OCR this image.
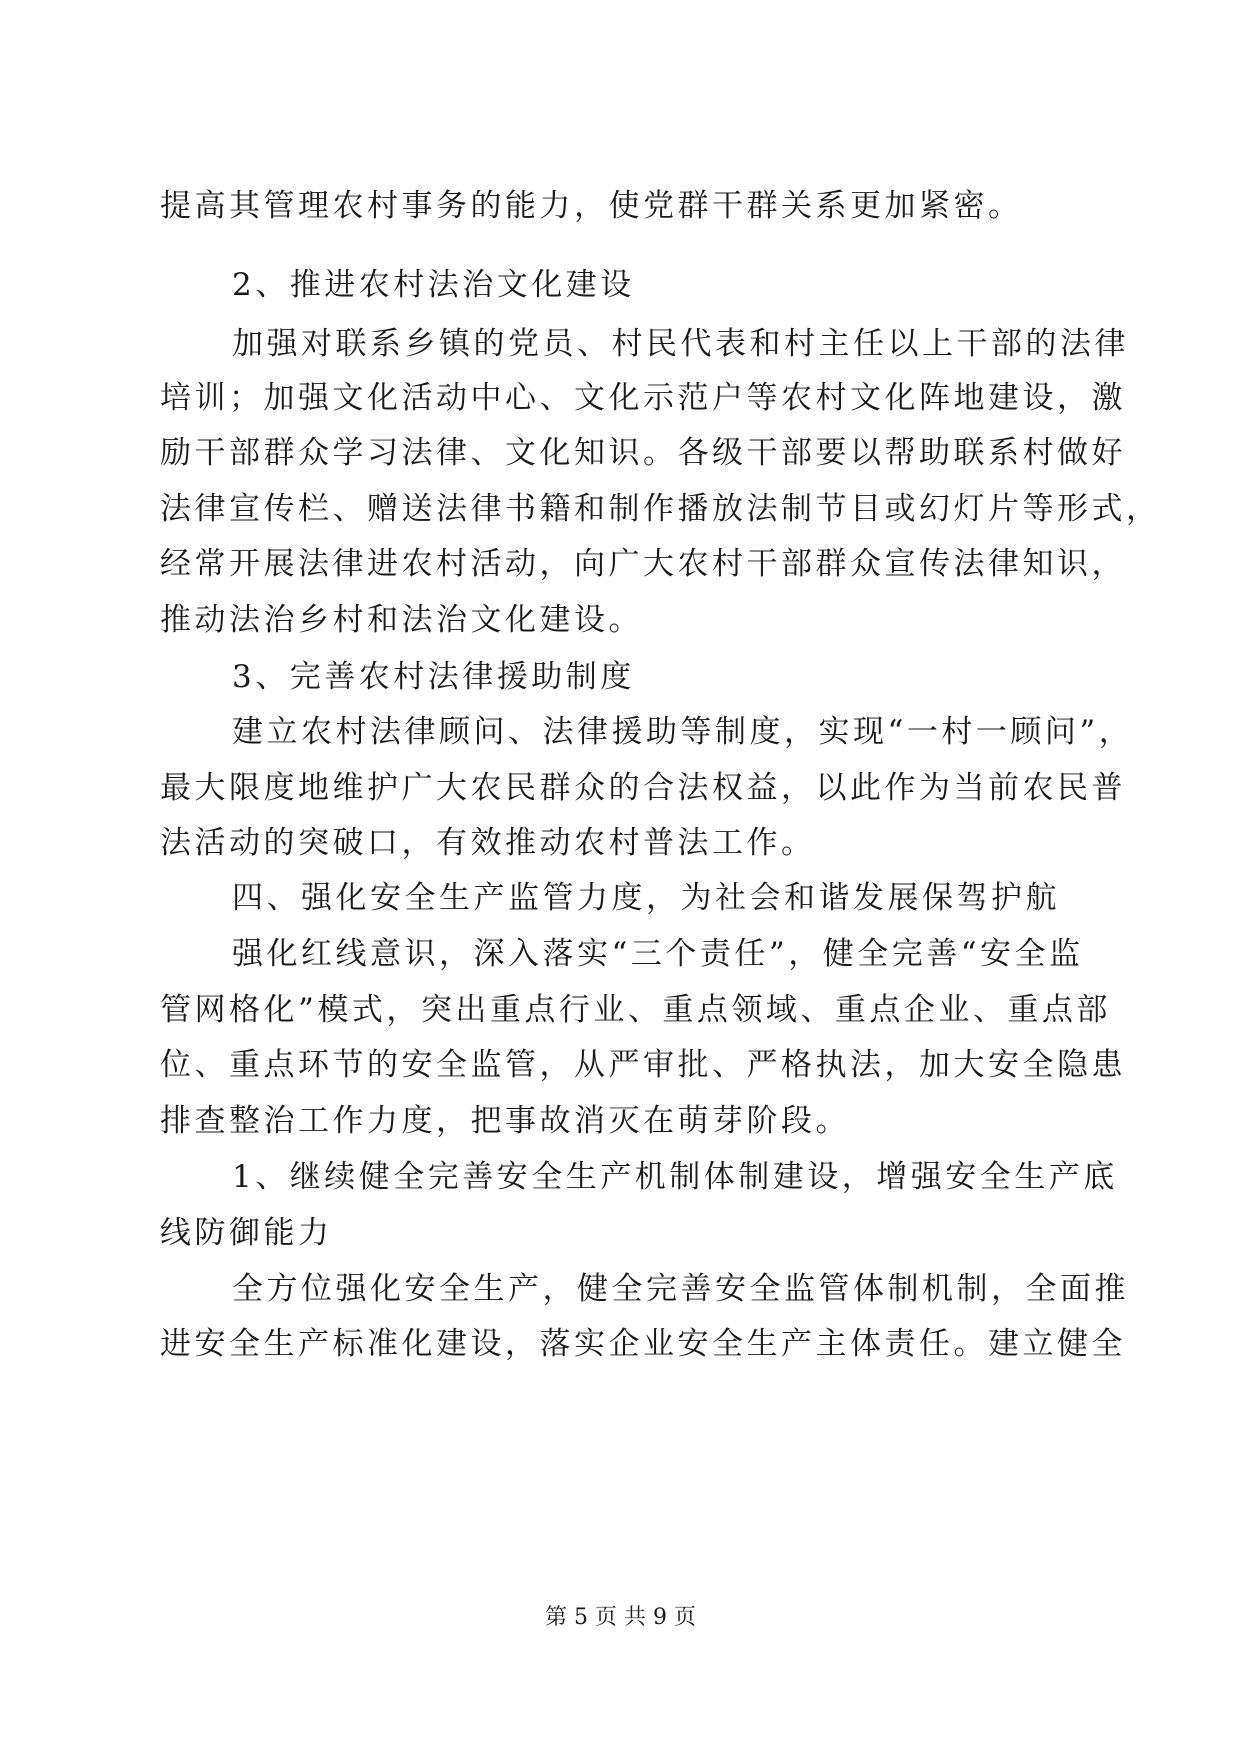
提高其管理农村事务的能力，使党群干群关系更加紧密。
2、推进农村法治文化建设
加强对联系乡镇的党员、村民代表和村主任以上干部的法律
培训；加强文化活动中心、文化示范户等农村文化阵地建设，激
励干部群众学习法律、文化知识。各级干部要以帮助联系村做好
法律宣传栏、赠送法律书籍和制作播放法制节目或幻灯片等形式，
经常开展法律进农村活动，向广大农村干部群众宣传法律知识，
推动法治乡村和法治文化建设。
3、完善农村法律援助制度
建立农村法律顾问、法律援助等制度，实现“一村一顾问”，
最大限度地维护广大农民群众的合法权益，以此作为当前农民普
法活动的突破口，有效推动农村普法工作。
四、强化安全生产监管力度，为社会和谐发展保驾护航
强化红线意识，深入落实“三个责任”，健全完善“安全监
管网格化”模式，突出重点行业、重点领域、重点企业、重点部
位、重点环节的安全监管，从严审批、严格执法，加大安全隐患
排查整治工作力度，把事故消灭在萌芽阶段。
1、继续健全完善安全生产机制体制建设，增强安全生产底
线防御能力
全方位强化安全生产，健全完善安全监管体制机制，全面推
进安全生产标准化建设，落实企业安全生产主体责任。建立健全
第 5 页 共 9 页
